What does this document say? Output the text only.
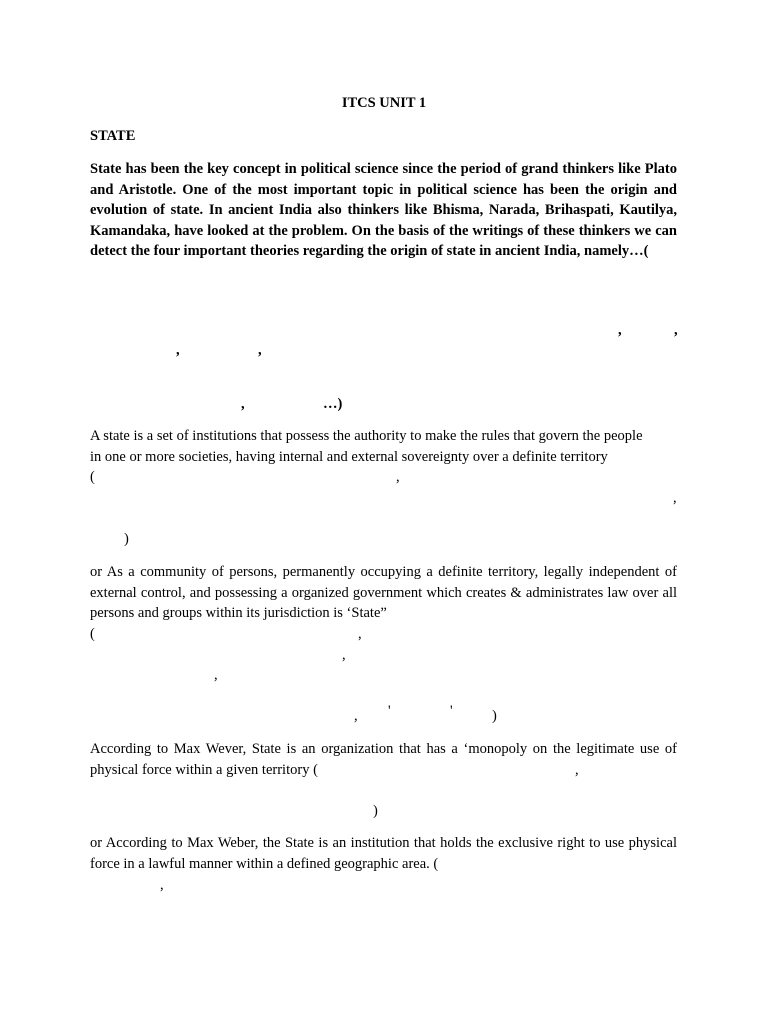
ITCS UNIT 1
STATE
State has been the key concept in political science since the period of grand thinkers like Plato and Aristotle. One of the most important topic in political science has been the origin and evolution of state. In ancient India also thinkers like Bhisma, Narada, Brihaspati, Kautilya, Kamandaka, have looked at the problem. On the basis of the writings of these thinkers we can detect the four important theories regarding the origin of state in ancient India, namely…(
,	,
,	,
,	…)
A state is a set of institutions that possess the authority to make the rules that govern the people
in one or more societies, having internal and external sovereignty over a definite territory
(	,
,
)
or As a community of persons, permanently occupying a definite territory, legally independent of external control, and possessing a organized government which creates & administrates law over all persons and groups within its jurisdiction is ‘State”
(	,
,
,
, '	'	)
According to Max Wever, State is an organization that has a ‘monopoly on the legitimate use of physical force within a given territory (	,
)
or According to Max Weber, the State is an institution that holds the exclusive right to use physical force in a lawful manner within a defined geographic area. (
,
